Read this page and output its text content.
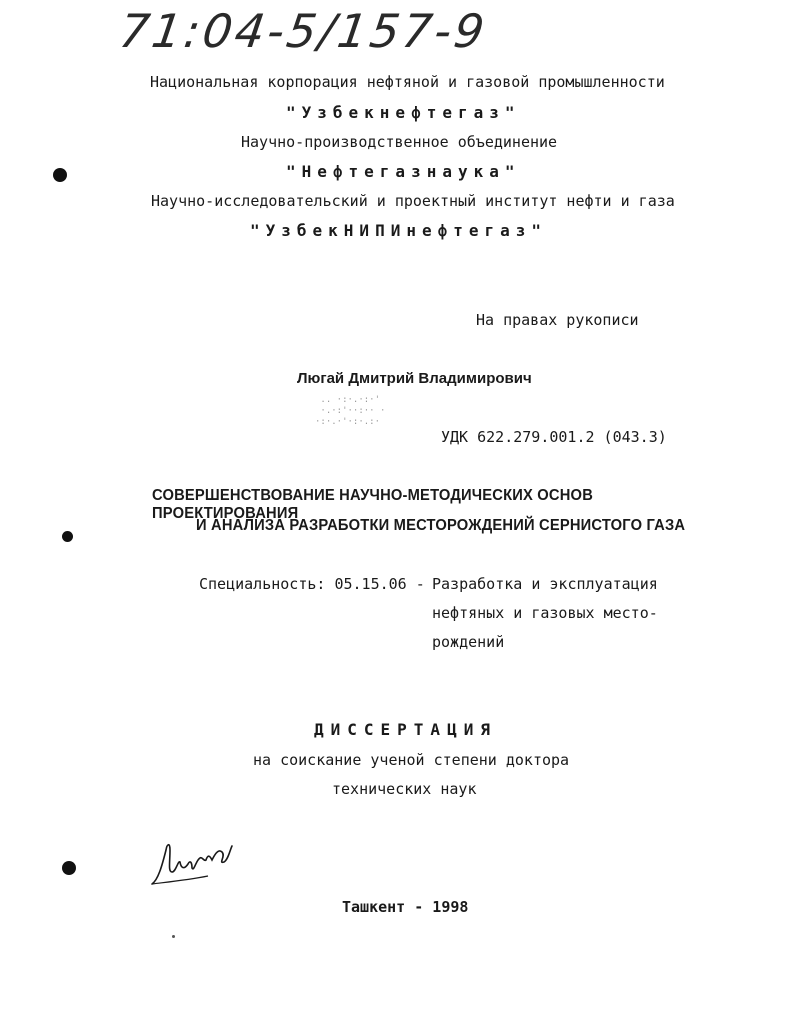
71:04-5/157-9
Национальная корпорация нефтяной и газовой промышленности
"Узбекнефтегаз"
Научно-производственное объединение
"Нефтегазнаука"
Научно-исследовательский и проектный институт нефти и газа
"УзбекНИПИнефтегаз"
На правах рукописи
Люгай Дмитрий Владимирович
.. ·:·.·:·'
·.·:'··:·· ·
·:·.·'·:·.:·
УДК 622.279.001.2 (043.3)
СОВЕРШЕНСТВОВАНИЕ НАУЧНО-МЕТОДИЧЕСКИХ ОСНОВ ПРОЕКТИРОВАНИЯ
И АНАЛИЗА РАЗРАБОТКИ МЕСТОРОЖДЕНИЙ СЕРНИСТОГО ГАЗА
Специальность: 05.15.06 - Разработка и эксплуатация
нефтяных и газовых место-
рождений
ДИССЕРТАЦИЯ
на соискание ученой степени доктора
технических наук
Ташкент - 1998
